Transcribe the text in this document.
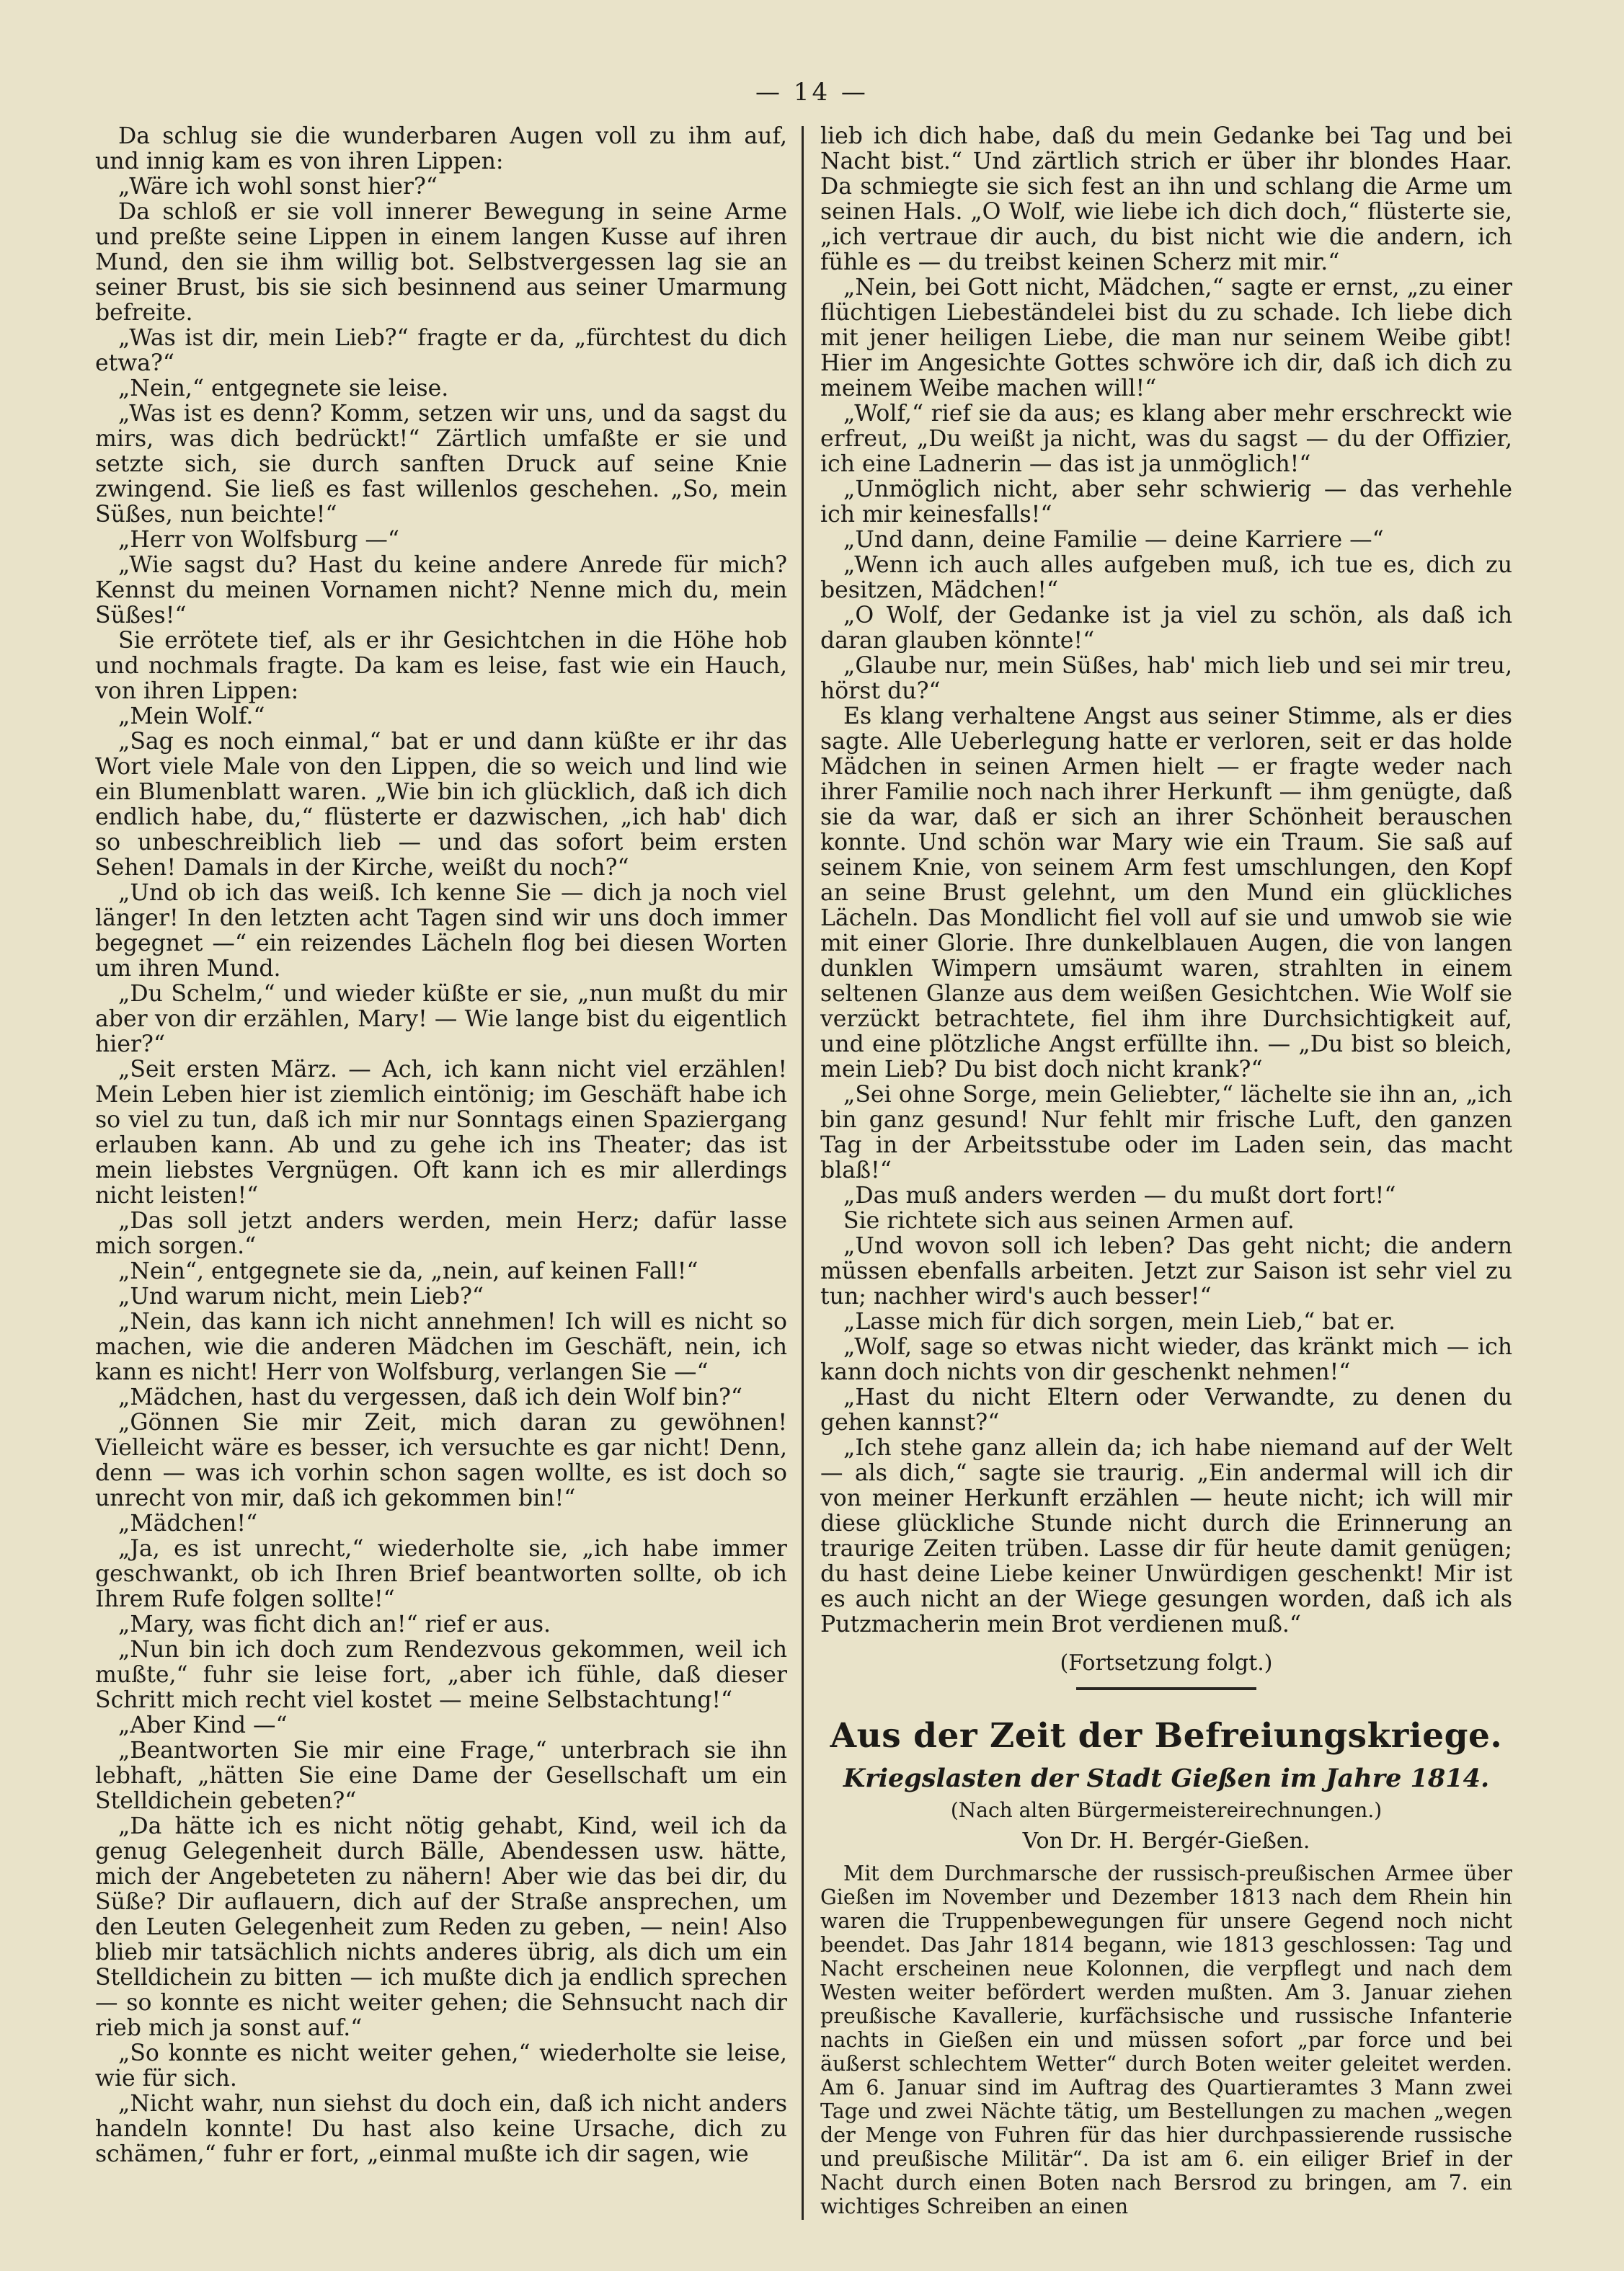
— 14 —

Da schlug sie die wunderbaren Augen voll zu ihm auf, und innig kam es von ihren Lippen:

„Wäre ich wohl sonst hier?“

Da schloß er sie voll innerer Bewegung in seine Arme und preßte seine Lippen in einem langen Kusse auf ihren Mund, den sie ihm willig bot. Selbstvergessen lag sie an seiner Brust, bis sie sich besinnend aus seiner Umarmung befreite.

„Was ist dir, mein Lieb?“ fragte er da, „fürchtest du dich etwa?“

„Nein,“ entgegnete sie leise.

„Was ist es denn? Komm, setzen wir uns, und da sagst du mirs, was dich bedrückt!“ Zärtlich umfaßte er sie und setzte sich, sie durch sanften Druck auf seine Knie zwingend. Sie ließ es fast willenlos geschehen. „So, mein Süßes, nun beichte!“

„Herr von Wolfsburg —“

„Wie sagst du? Hast du keine andere Anrede für mich? Kennst du meinen Vornamen nicht? Nenne mich du, mein Süßes!“

Sie errötete tief, als er ihr Gesichtchen in die Höhe hob und nochmals fragte. Da kam es leise, fast wie ein Hauch, von ihren Lippen:

„Mein Wolf.“

„Sag es noch einmal,“ bat er und dann küßte er ihr das Wort viele Male von den Lippen, die so weich und lind wie ein Blumenblatt waren. „Wie bin ich glücklich, daß ich dich endlich habe, du,“ flüsterte er dazwischen, „ich hab' dich so unbeschreiblich lieb — und das sofort beim ersten Sehen! Damals in der Kirche, weißt du noch?“

„Und ob ich das weiß. Ich kenne Sie — dich ja noch viel länger! In den letzten acht Tagen sind wir uns doch immer begegnet —“ ein reizendes Lächeln flog bei diesen Worten um ihren Mund.

„Du Schelm,“ und wieder küßte er sie, „nun mußt du mir aber von dir erzählen, Mary! — Wie lange bist du eigentlich hier?“

„Seit ersten März. — Ach, ich kann nicht viel erzählen! Mein Leben hier ist ziemlich eintönig; im Geschäft habe ich so viel zu tun, daß ich mir nur Sonntags einen Spaziergang erlauben kann. Ab und zu gehe ich ins Theater; das ist mein liebstes Vergnügen. Oft kann ich es mir allerdings nicht leisten!“

„Das soll jetzt anders werden, mein Herz; dafür lasse mich sorgen.“

„Nein“, entgegnete sie da, „nein, auf keinen Fall!“

„Und warum nicht, mein Lieb?“

„Nein, das kann ich nicht annehmen! Ich will es nicht so machen, wie die anderen Mädchen im Geschäft, nein, ich kann es nicht! Herr von Wolfsburg, verlangen Sie —“

„Mädchen, hast du vergessen, daß ich dein Wolf bin?“

„Gönnen Sie mir Zeit, mich daran zu gewöhnen! Vielleicht wäre es besser, ich versuchte es gar nicht! Denn, denn — was ich vorhin schon sagen wollte, es ist doch so unrecht von mir, daß ich gekommen bin!“

„Mädchen!“

„Ja, es ist unrecht,“ wiederholte sie, „ich habe immer geschwankt, ob ich Ihren Brief beantworten sollte, ob ich Ihrem Rufe folgen sollte!“

„Mary, was ficht dich an!“ rief er aus.

„Nun bin ich doch zum Rendezvous gekommen, weil ich mußte,“ fuhr sie leise fort, „aber ich fühle, daß dieser Schritt mich recht viel kostet — meine Selbstachtung!“

„Aber Kind —“

„Beantworten Sie mir eine Frage,“ unterbrach sie ihn lebhaft, „hätten Sie eine Dame der Gesellschaft um ein Stelldichein gebeten?“

„Da hätte ich es nicht nötig gehabt, Kind, weil ich da genug Gelegenheit durch Bälle, Abendessen usw. hätte, mich der Angebeteten zu nähern! Aber wie das bei dir, du Süße? Dir auflauern, dich auf der Straße ansprechen, um den Leuten Gelegenheit zum Reden zu geben, — nein! Also blieb mir tatsächlich nichts anderes übrig, als dich um ein Stelldichein zu bitten — ich mußte dich ja endlich sprechen — so konnte es nicht weiter gehen; die Sehnsucht nach dir rieb mich ja sonst auf.“

„So konnte es nicht weiter gehen,“ wiederholte sie leise, wie für sich.

„Nicht wahr, nun siehst du doch ein, daß ich nicht anders handeln konnte! Du hast also keine Ursache, dich zu schämen,“ fuhr er fort, „einmal mußte ich dir sagen, wie

lieb ich dich habe, daß du mein Gedanke bei Tag und bei Nacht bist.“ Und zärtlich strich er über ihr blondes Haar. Da schmiegte sie sich fest an ihn und schlang die Arme um seinen Hals. „O Wolf, wie liebe ich dich doch,“ flüsterte sie, „ich vertraue dir auch, du bist nicht wie die andern, ich fühle es — du treibst keinen Scherz mit mir.“

„Nein, bei Gott nicht, Mädchen,“ sagte er ernst, „zu einer flüchtigen Liebeständelei bist du zu schade. Ich liebe dich mit jener heiligen Liebe, die man nur seinem Weibe gibt! Hier im Angesichte Gottes schwöre ich dir, daß ich dich zu meinem Weibe machen will!“

„Wolf,“ rief sie da aus; es klang aber mehr erschreckt wie erfreut, „Du weißt ja nicht, was du sagst — du der Offizier, ich eine Ladnerin — das ist ja unmöglich!“

„Unmöglich nicht, aber sehr schwierig — das verhehle ich mir keinesfalls!“

„Und dann, deine Familie — deine Karriere —“

„Wenn ich auch alles aufgeben muß, ich tue es, dich zu besitzen, Mädchen!“

„O Wolf, der Gedanke ist ja viel zu schön, als daß ich daran glauben könnte!“

„Glaube nur, mein Süßes, hab' mich lieb und sei mir treu, hörst du?“

Es klang verhaltene Angst aus seiner Stimme, als er dies sagte. Alle Ueberlegung hatte er verloren, seit er das holde Mädchen in seinen Armen hielt — er fragte weder nach ihrer Familie noch nach ihrer Herkunft — ihm genügte, daß sie da war, daß er sich an ihrer Schönheit berauschen konnte. Und schön war Mary wie ein Traum. Sie saß auf seinem Knie, von seinem Arm fest umschlungen, den Kopf an seine Brust gelehnt, um den Mund ein glückliches Lächeln. Das Mondlicht fiel voll auf sie und umwob sie wie mit einer Glorie. Ihre dunkelblauen Augen, die von langen dunklen Wimpern umsäumt waren, strahlten in einem seltenen Glanze aus dem weißen Gesichtchen. Wie Wolf sie verzückt betrachtete, fiel ihm ihre Durchsichtigkeit auf, und eine plötzliche Angst erfüllte ihn. — „Du bist so bleich, mein Lieb? Du bist doch nicht krank?“

„Sei ohne Sorge, mein Geliebter,“ lächelte sie ihn an, „ich bin ganz gesund! Nur fehlt mir frische Luft, den ganzen Tag in der Arbeitsstube oder im Laden sein, das macht blaß!“

„Das muß anders werden — du mußt dort fort!“

Sie richtete sich aus seinen Armen auf.

„Und wovon soll ich leben? Das geht nicht; die andern müssen ebenfalls arbeiten. Jetzt zur Saison ist sehr viel zu tun; nachher wird's auch besser!“

„Lasse mich für dich sorgen, mein Lieb,“ bat er.

„Wolf, sage so etwas nicht wieder, das kränkt mich — ich kann doch nichts von dir geschenkt nehmen!“

„Hast du nicht Eltern oder Verwandte, zu denen du gehen kannst?“

„Ich stehe ganz allein da; ich habe niemand auf der Welt — als dich,“ sagte sie traurig. „Ein andermal will ich dir von meiner Herkunft erzählen — heute nicht; ich will mir diese glückliche Stunde nicht durch die Erinnerung an traurige Zeiten trüben. Lasse dir für heute damit genügen; du hast deine Liebe keiner Unwürdigen geschenkt! Mir ist es auch nicht an der Wiege gesungen worden, daß ich als Putzmacherin mein Brot verdienen muß.“

(Fortsetzung folgt.)
Aus der Zeit der Befreiungskriege.
Kriegslasten der Stadt Gießen im Jahre 1814.
(Nach alten Bürgermeistereirechnungen.)
Von Dr. H. Bergér-Gießen.

Mit dem Durchmarsche der russisch-preußischen Armee über Gießen im November und Dezember 1813 nach dem Rhein hin waren die Truppenbewegungen für unsere Gegend noch nicht beendet. Das Jahr 1814 begann, wie 1813 geschlossen: Tag und Nacht erscheinen neue Kolonnen, die verpflegt und nach dem Westen weiter befördert werden mußten. Am 3. Januar ziehen preußische Kavallerie, kurfächsische und russische Infanterie nachts in Gießen ein und müssen sofort „par force und bei äußerst schlechtem Wetter“ durch Boten weiter geleitet werden. Am 6. Januar sind im Auftrag des Quartieramtes 3 Mann zwei Tage und zwei Nächte tätig, um Bestellungen zu machen „wegen der Menge von Fuhren für das hier durchpassierende russische und preußische Militär“. Da ist am 6. ein eiliger Brief in der Nacht durch einen Boten nach Bersrod zu bringen, am 7. ein wichtiges Schreiben an einen
